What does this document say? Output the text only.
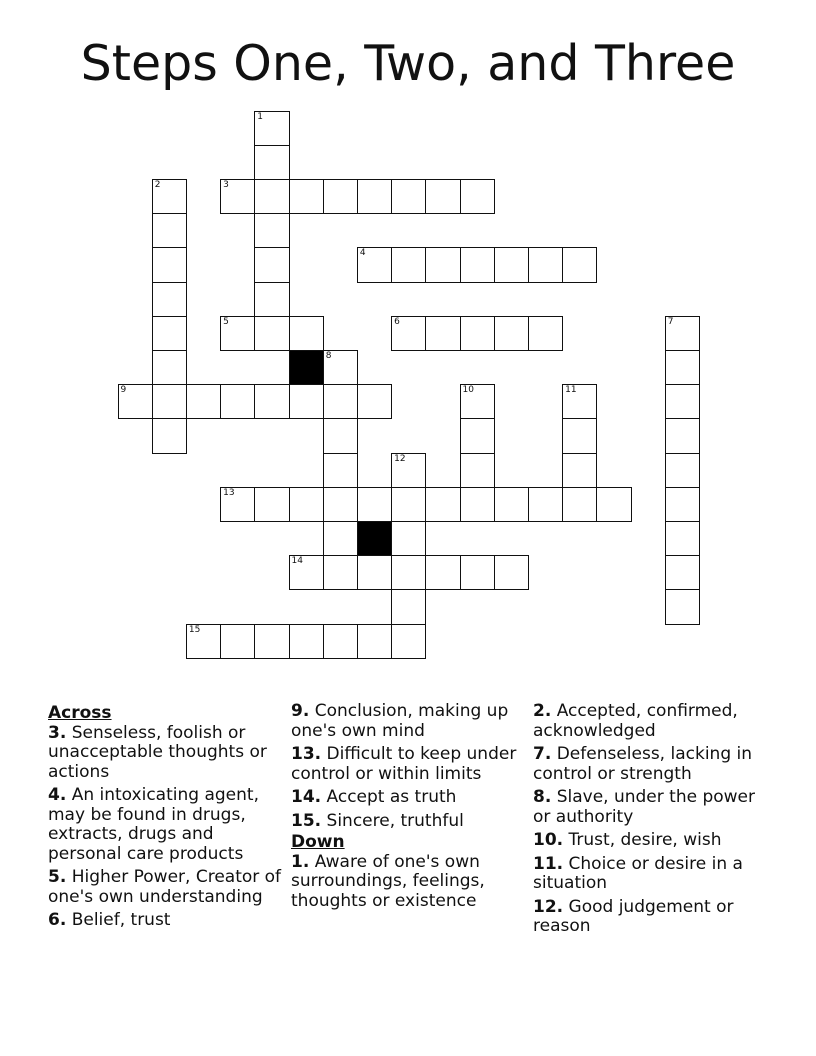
Steps One, Two, and Three
3
4
5	6
9
13
14
15
1
2
7
8
10	11
12
Across
3. Senseless, foolish or unacceptable thoughts or actions
4. An intoxicating agent, may be found in drugs, extracts, drugs and personal care products
5. Higher Power, Creator of one's own understanding
6. Belief, trust
9. Conclusion, making up one's own mind
13. Difficult to keep under control or within limits
14. Accept as truth
15. Sincere, truthful
Down
1. Aware of one's own surroundings, feelings, thoughts or existence
2. Accepted, confirmed, acknowledged
7. Defenseless, lacking in control or strength
8. Slave, under the power or authority
10. Trust, desire, wish
11. Choice or desire in a situation
12. Good judgement or reason
